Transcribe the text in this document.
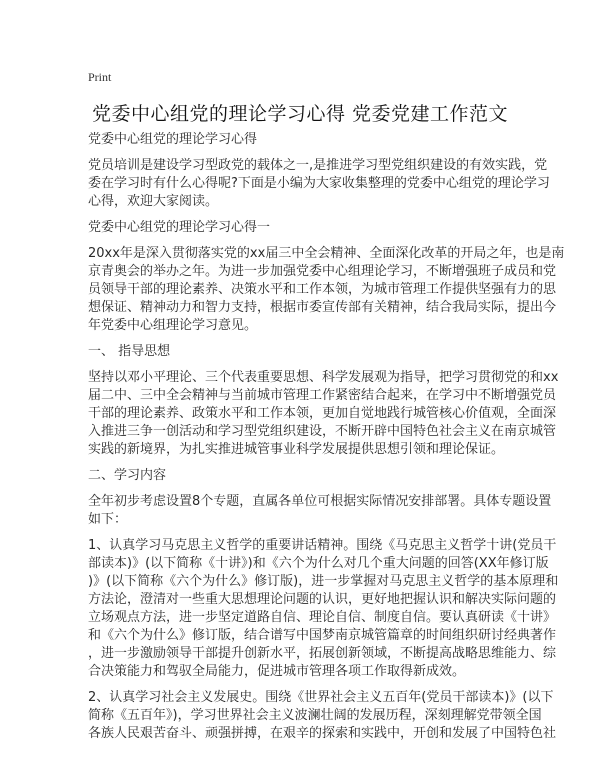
Print
党委中心组党的理论学习心得 党委党建工作范文

党委中心组党的理论学习心得

党员培训是建设学习型政党的载体之一,是推进学习型党组织建设的有效实践，党
委在学习时有什么心得呢?下面是小编为大家收集整理的党委中心组党的理论学习
心得，欢迎大家阅读。

党委中心组党的理论学习心得一

20xx年是深入贯彻落实党的xx届三中全会精神、全面深化改革的开局之年，也是南
京青奥会的举办之年。为进一步加强党委中心组理论学习，不断增强班子成员和党
员领导干部的理论素养、决策水平和工作本领，为城市管理工作提供坚强有力的思
想保证、精神动力和智力支持，根据市委宣传部有关精神，结合我局实际，提出今
年党委中心组理论学习意见。

一、 指导思想

坚持以邓小平理论、三个代表重要思想、科学发展观为指导，把学习贯彻党的和xx
届二中、三中全会精神与当前城市管理工作紧密结合起来，在学习中不断增强党员
干部的理论素养、政策水平和工作本领，更加自觉地践行城管核心价值观，全面深
入推进三争一创活动和学习型党组织建设，不断开辟中国特色社会主义在南京城管
实践的新境界，为扎实推进城管事业科学发展提供思想引领和理论保证。

二、学习内容

全年初步考虑设置8个专题，直属各单位可根据实际情况安排部署。具体专题设置
如下：

1、认真学习马克思主义哲学的重要讲话精神。围绕《马克思主义哲学十讲(党员干
部读本)》(以下简称《十讲》)和《六个为什么对几个重大问题的回答(XX年修订版
)》(以下简称《六个为什么》修订版)，进一步掌握对马克思主义哲学的基本原理和
方法论，澄清对一些重大思想理论问题的认识，更好地把握认识和解决实际问题的
立场观点方法，进一步坚定道路自信、理论自信、制度自信。要认真研读《十讲》
和《六个为什么》修订版，结合谱写中国梦南京城管篇章的时间组织研讨经典著作
，进一步激励领导干部提升创新水平，拓展创新领域，不断提高战略思维能力、综
合决策能力和驾驭全局能力，促进城市管理各项工作取得新成效。

2、认真学习社会主义发展史。围绕《世界社会主义五百年(党员干部读本)》(以下
简称《五百年》)，学习世界社会主义波澜壮阔的发展历程，深刻理解党带领全国
各族人民艰苦奋斗、顽强拼搏，在艰辛的探索和实践中，开创和发展了中国特色社
